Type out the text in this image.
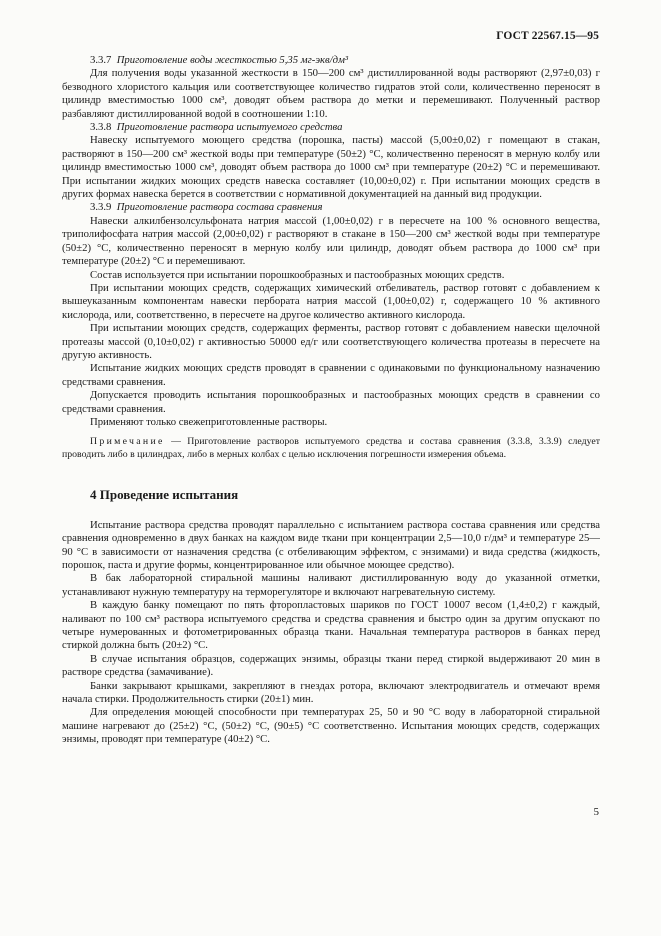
ГОСТ 22567.15—95

3.3.7 Приготовление воды жесткостью 5,35 мг-экв/дм³

Для получения воды указанной жесткости в 150—200 см³ дистиллированной воды растворяют (2,97±0,03) г безводного хлористого кальция или соответствующее количество гидратов этой соли, количественно переносят в цилиндр вместимостью 1000 см³, доводят объем раствора до метки и перемешивают. Полученный раствор разбавляют дистиллированной водой в соотношении 1:10.

3.3.8 Приготовление раствора испытуемого средства

Навеску испытуемого моющего средства (порошка, пасты) массой (5,00±0,02) г помещают в стакан, растворяют в 150—200 см³ жесткой воды при температуре (50±2) °С, количественно переносят в мерную колбу или цилиндр вместимостью 1000 см³, доводят объем раствора до 1000 см³ при температуре (20±2) °С и перемешивают. При испытании жидких моющих средств навеска составляет (10,00±0,02) г. При испытании моющих средств в других формах навеска берется в соответствии с нормативной документацией на данный вид продукции.

3.3.9 Приготовление раствора состава сравнения

Навески алкилбензолсульфоната натрия массой (1,00±0,02) г в пересчете на 100 % основного вещества, триполифосфата натрия массой (2,00±0,02) г растворяют в стакане в 150—200 см³ жесткой воды при температуре (50±2) °С, количественно переносят в мерную колбу или цилиндр, доводят объем раствора до 1000 см³ при температуре (20±2) °С и перемешивают.

Состав используется при испытании порошкообразных и пастообразных моющих средств.

При испытании моющих средств, содержащих химический отбеливатель, раствор готовят с добавлением к вышеуказанным компонентам навески пербората натрия массой (1,00±0,02) г, содержащего 10 % активного кислорода, или, соответственно, в пересчете на другое количество активного кислорода.

При испытании моющих средств, содержащих ферменты, раствор готовят с добавлением навески щелочной протеазы массой (0,10±0,02) г активностью 50000 ед/г или соответствующего количества протеазы в пересчете на другую активность.

Испытание жидких моющих средств проводят в сравнении с одинаковыми по функциональному назначению средствами сравнения.

Допускается проводить испытания порошкообразных и пастообразных моющих средств в сравнении со средствами сравнения.

Применяют только свежеприготовленные растворы.

Примечание — Приготовление растворов испытуемого средства и состава сравнения (3.3.8, 3.3.9) следует проводить либо в цилиндрах, либо в мерных колбах с целью исключения погрешности измерения объема.
4 Проведение испытания

Испытание раствора средства проводят параллельно с испытанием раствора состава сравнения или средства сравнения одновременно в двух банках на каждом виде ткани при концентрации 2,5—10,0 г/дм³ и температуре 25—90 °С в зависимости от назначения средства (с отбеливающим эффектом, с энзимами) и вида средства (жидкость, порошок, паста и другие формы, концентрированное или обычное моющее средство).

В бак лабораторной стиральной машины наливают дистиллированную воду до указанной отметки, устанавливают нужную температуру на терморегуляторе и включают нагревательную систему.

В каждую банку помещают по пять фторопластовых шариков по ГОСТ 10007 весом (1,4±0,2) г каждый, наливают по 100 см³ раствора испытуемого средства и средства сравнения и быстро один за другим опускают по четыре нумерованных и фотометрированных образца ткани. Начальная температура растворов в банках перед стиркой должна быть (20±2) °С.

В случае испытания образцов, содержащих энзимы, образцы ткани перед стиркой выдерживают 20 мин в растворе средства (замачивание).

Банки закрывают крышками, закрепляют в гнездах ротора, включают электродвигатель и отмечают время начала стирки. Продолжительность стирки (20±1) мин.

Для определения моющей способности при температурах 25, 50 и 90 °С воду в лабораторной стиральной машине нагревают до (25±2) °С, (50±2) °С, (90±5) °С соответственно. Испытания моющих средств, содержащих энзимы, проводят при температуре (40±2) °С.

5
